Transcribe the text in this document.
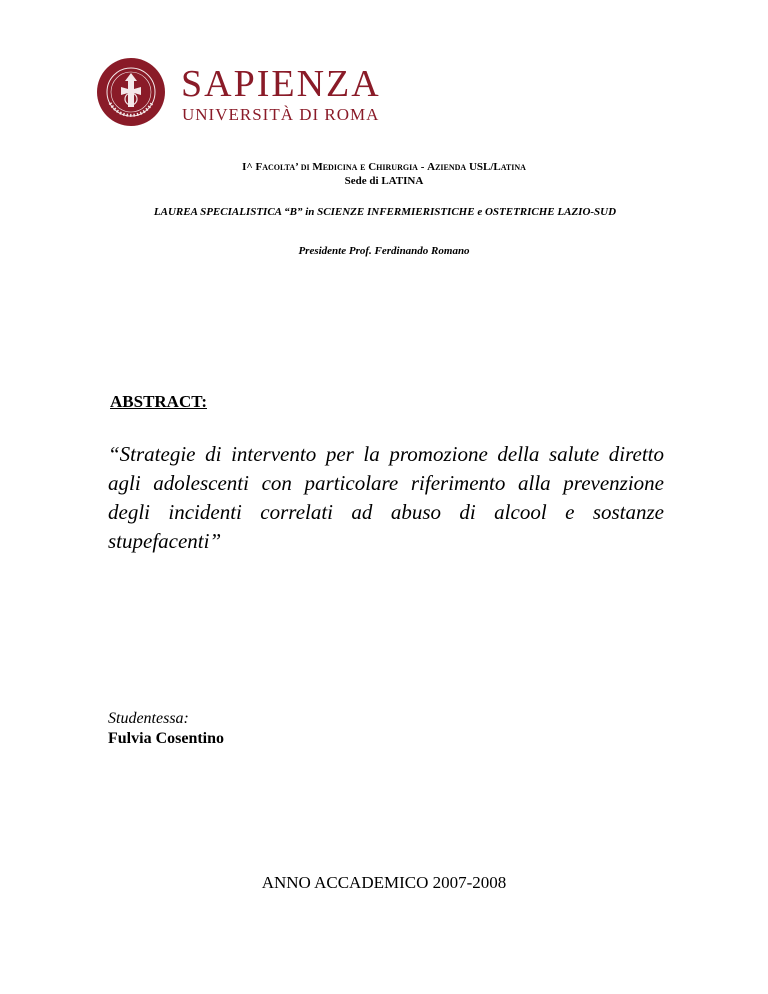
SAPIENZA
UNIVERSITÀ DI ROMA
I^ Facolta’ di Medicina e Chirurgia - Azienda USL/Latina
Sede di LATINA
LAUREA SPECIALISTICA “B” in SCIENZE INFERMIERISTICHE e OSTETRICHE LAZIO-SUD
Presidente Prof. Ferdinando Romano
ABSTRACT:
“Strategie di intervento per la promozione della salute diretto agli adolescenti con particolare riferimento alla prevenzione degli incidenti correlati ad abuso di alcool e sostanze stupefacenti”
Studentessa:
Fulvia Cosentino
ANNO ACCADEMICO 2007-2008
